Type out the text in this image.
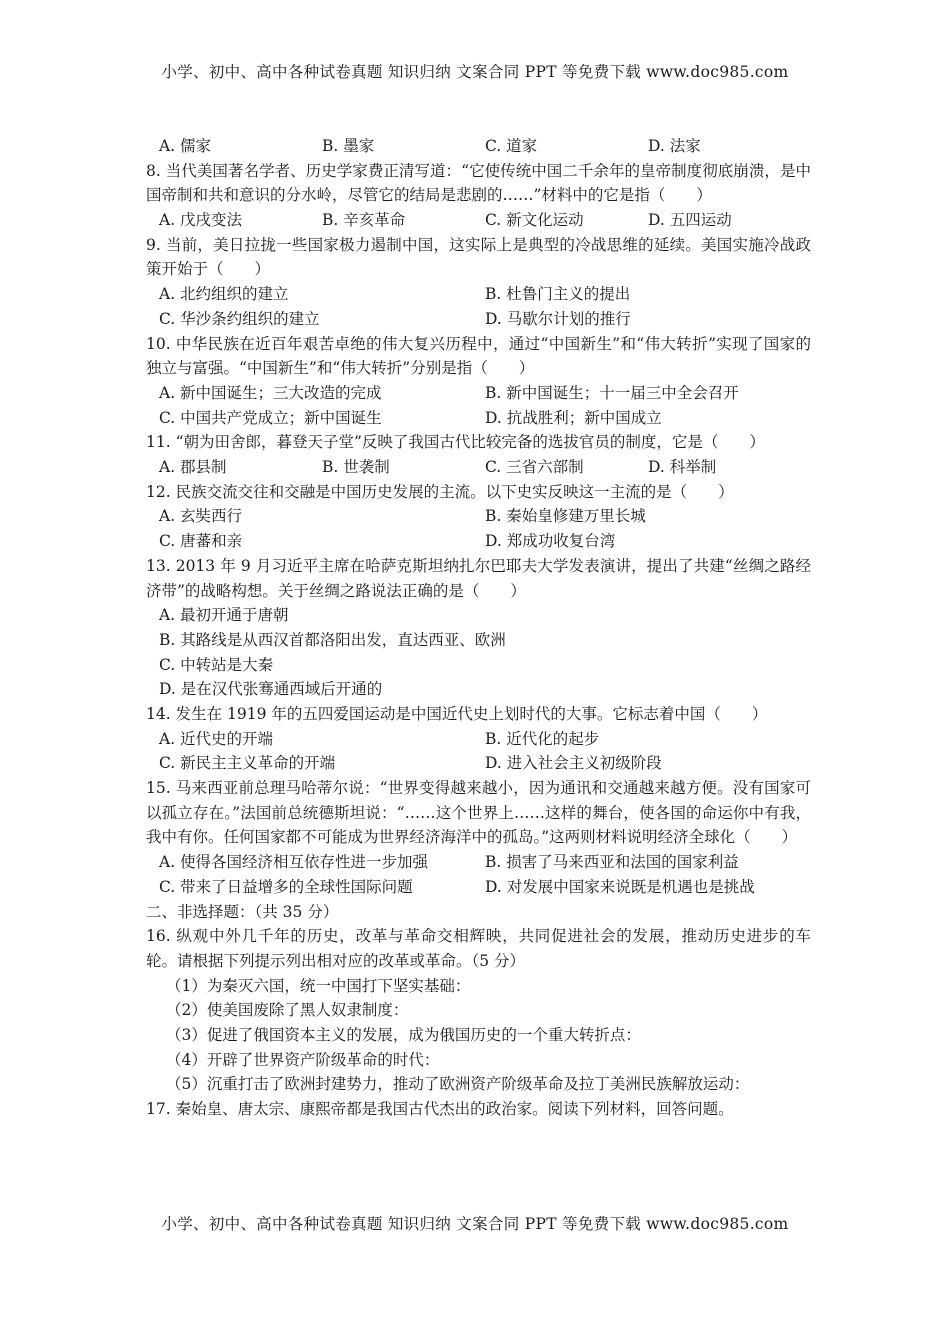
小学、初中、高中各种试卷真题 知识归纳 文案合同 PPT 等免费下载 www.doc985.com
A. 儒家	B. 墨家	C. 道家	D. 法家
8. 当代美国著名学者、历史学家费正清写道：“它使传统中国二千余年的皇帝制度彻底崩溃，是中国帝制和共和意识的分水岭，尽管它的结局是悲剧的……”材料中的它是指（　　）
A. 戊戌变法	B. 辛亥革命	C. 新文化运动	D. 五四运动
9. 当前，美日拉拢一些国家极力遏制中国，这实际上是典型的冷战思维的延续。美国实施冷战政策开始于（　　）
A. 北约组织的建立	B. 杜鲁门主义的提出
C. 华沙条约组织的建立	D. 马歇尔计划的推行
10. 中华民族在近百年艰苦卓绝的伟大复兴历程中，通过“中国新生”和“伟大转折”实现了国家的独立与富强。“中国新生”和“伟大转折”分别是指（　　）
A. 新中国诞生；三大改造的完成	B. 新中国诞生；十一届三中全会召开
C. 中国共产党成立；新中国诞生	D. 抗战胜利；新中国成立
11. “朝为田舍郎，暮登天子堂”反映了我国古代比较完备的选拔官员的制度，它是（　　）
A. 郡县制	B. 世袭制	C. 三省六部制	D. 科举制
12. 民族交流交往和交融是中国历史发展的主流。以下史实反映这一主流的是（　　）
A. 玄奘西行	B. 秦始皇修建万里长城
C. 唐蕃和亲	D. 郑成功收复台湾
13. 2013 年 9 月习近平主席在哈萨克斯坦纳扎尔巴耶夫大学发表演讲，提出了共建“丝绸之路经济带”的战略构想。关于丝绸之路说法正确的是（　　）
A. 最初开通于唐朝
B. 其路线是从西汉首都洛阳出发，直达西亚、欧洲
C. 中转站是大秦
D. 是在汉代张骞通西域后开通的
14. 发生在 1919 年的五四爱国运动是中国近代史上划时代的大事。它标志着中国（　　）
A. 近代史的开端	B. 近代化的起步
C. 新民主主义革命的开端	D. 进入社会主义初级阶段
15. 马来西亚前总理马哈蒂尔说：“世界变得越来越小，因为通讯和交通越来越方便。没有国家可以孤立存在。”法国前总统德斯坦说：“……这个世界上……这样的舞台，使各国的命运你中有我，我中有你。任何国家都不可能成为世界经济海洋中的孤岛。”这两则材料说明经济全球化（　　）
A. 使得各国经济相互依存性进一步加强	B. 损害了马来西亚和法国的国家利益
C. 带来了日益增多的全球性国际问题	D. 对发展中国家来说既是机遇也是挑战
二、非选择题：（共 35 分）
16. 纵观中外几千年的历史，改革与革命交相辉映，共同促进社会的发展，推动历史进步的车轮。请根据下列提示列出相对应的改革或革命。（5 分）
（1）为秦灭六国，统一中国打下坚实基础：
（2）使美国废除了黑人奴隶制度：
（3）促进了俄国资本主义的发展，成为俄国历史的一个重大转折点：
（4）开辟了世界资产阶级革命的时代：
（5）沉重打击了欧洲封建势力，推动了欧洲资产阶级革命及拉丁美洲民族解放运动：
17. 秦始皇、唐太宗、康熙帝都是我国古代杰出的政治家。阅读下列材料，回答问题。
小学、初中、高中各种试卷真题 知识归纳 文案合同 PPT 等免费下载 www.doc985.com
